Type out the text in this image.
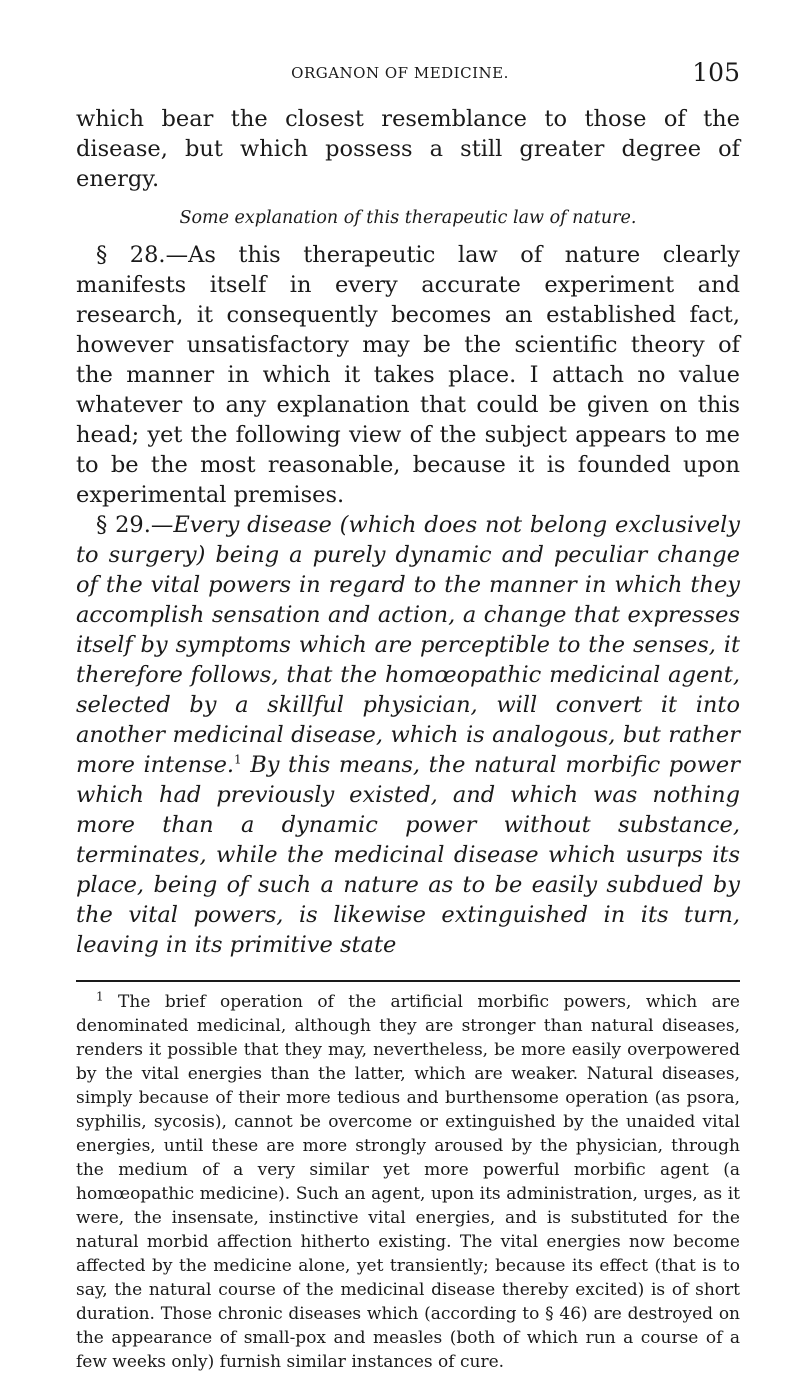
ORGANON OF MEDICINE.	105

which bear the closest resemblance to those of the disease, but which possess a still greater degree of energy.

Some explanation of this therapeutic law of nature.

§ 28.—As this therapeutic law of nature clearly manifests itself in every accurate experiment and research, it consequently becomes an established fact, however unsatisfactory may be the scientific theory of the manner in which it takes place. I attach no value whatever to any explanation that could be given on this head; yet the following view of the subject appears to me to be the most reasonable, because it is founded upon experimental premises.

§ 29.—Every disease (which does not belong exclusively to surgery) being a purely dynamic and peculiar change of the vital powers in regard to the manner in which they accomplish sensation and action, a change that expresses itself by symptoms which are perceptible to the senses, it therefore follows, that the homœopathic medicinal agent, selected by a skillful physician, will convert it into another medicinal disease, which is analogous, but rather more intense.$^1$ By this means, the natural morbific power which had previously existed, and which was nothing more than a dynamic power without substance, terminates, while the medicinal disease which usurps its place, being of such a nature as to be easily subdued by the vital powers, is likewise extinguished in its turn, leaving in its primitive state

$^1$ The brief operation of the artificial morbific powers, which are denominated medicinal, although they are stronger than natural diseases, renders it possible that they may, nevertheless, be more easily overpowered by the vital energies than the latter, which are weaker. Natural diseases, simply because of their more tedious and burthensome operation (as psora, syphilis, sycosis), cannot be overcome or extinguished by the unaided vital energies, until these are more strongly aroused by the physician, through the medium of a very similar yet more powerful morbific agent (a homœopathic medicine). Such an agent, upon its administration, urges, as it were, the insensate, instinctive vital energies, and is substituted for the natural morbid affection hitherto existing. The vital energies now become affected by the medicine alone, yet transiently; because its effect (that is to say, the natural course of the medicinal disease thereby excited) is of short duration. Those chronic diseases which (according to § 46) are destroyed on the appearance of small-pox and measles (both of which run a course of a few weeks only) furnish similar instances of cure.
